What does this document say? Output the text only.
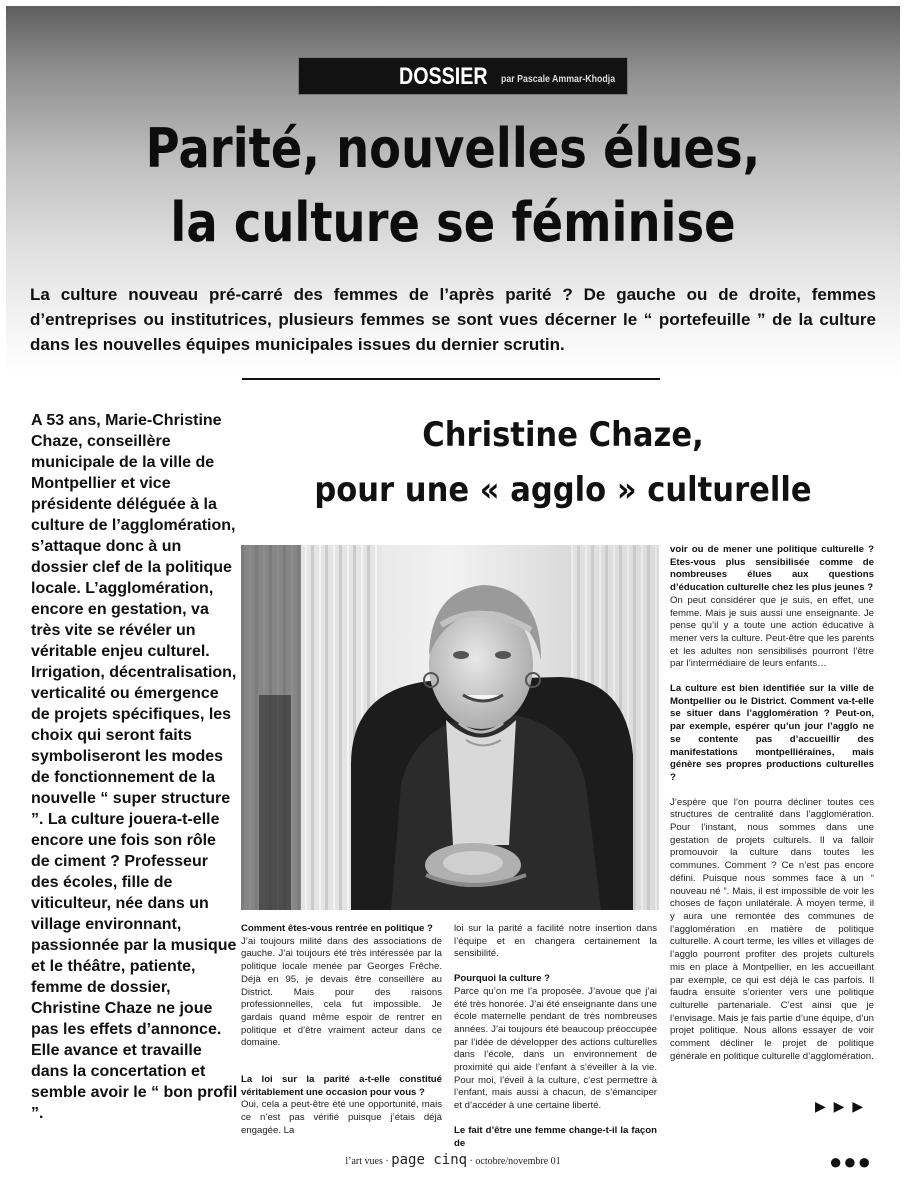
DOSSIER par Pascale Ammar-Khodja
Parité, nouvelles élues,
la culture se féminise
La culture nouveau pré-carré des femmes de l’après parité ? De gauche ou de droite, femmes d’entreprises ou institutrices, plusieurs femmes se sont vues décerner le “ portefeuille ” de la culture dans les nouvelles équipes municipales issues du dernier scrutin.
A 53 ans, Marie-Christine Chaze, conseillère municipale de la ville de Montpellier et vice présidente déléguée à la culture de l’agglomération, s’attaque donc à un dossier clef de la politique locale. L’agglomération, encore en gestation, va très vite se révéler un véritable enjeu culturel. Irrigation, décentralisation, verticalité ou émergence de projets spécifiques, les choix qui seront faits symboliseront les modes de fonctionnement de la nouvelle “ super structure ”. La culture jouera-t-elle encore une fois son rôle de ciment ? Professeur des écoles, fille de viticulteur, née dans un village environnant, passionnée par la musique et le théâtre, patiente, femme de dossier, Christine Chaze ne joue pas les effets d’annonce. Elle avance et travaille dans la concertation et semble avoir le “ bon profil ”.
Christine Chaze,
pour une « agglo » culturelle

Comment êtes-vous rentrée en politique ?

J’ai toujours milité dans des associations de gauche. J’ai toujours été très intéressée par la politique locale menée par Georges Frêche. Déjà en 95, je devais être conseillère au District. Mais pour des raisons professionnelles, cela fut impossible. Je gardais quand même espoir de rentrer en politique et d’être vraiment acteur dans ce domaine.

La loi sur la parité a-t-elle constitué véritablement une occasion pour vous ?

Oui, cela a peut-être été une opportunité, mais ce n’est pas vérifié puisque j’étais déjà engagée. La

loi sur la parité a facilité notre insertion dans l’équipe et en changera certainement la sensibilité.

Pourquoi la culture ?

Parce qu’on me l’a proposée. J’avoue que j’ai été très honorée. J’ai été enseignante dans une école maternelle pendant de très nombreuses années. J’ai toujours été beaucoup préoccupée par l’idée de développer des actions culturelles dans l’école, dans un environnement de proximité qui aide l’enfant à s’éveiller à la vie. Pour moi, l’éveil à la culture, c’est permettre à l’enfant, mais aussi à chacun, de s’émanciper et d’accéder à une certaine liberté.

Le fait d’être une femme change-t-il la façon de

voir ou de mener une politique culturelle ? Etes-vous plus sensibilisée comme de nombreuses élues aux questions d’éducation culturelle chez les plus jeunes ?

On peut considérer que je suis, en effet, une femme. Mais je suis aussi une enseignante. Je pense qu’il y a toute une action éducative à mener vers la culture. Peut-être que les parents et les adultes non sensibilisés pourront l’être par l’intermédiaire de leurs enfants…

La culture est bien identifiée sur la ville de Montpellier ou le District. Comment va-t-elle se situer dans l’agglomération ? Peut-on, par exemple, espérer qu’un jour l’agglo ne se contente pas d’accueillir des manifestations montpelliéraines, mais génère ses propres productions culturelles ?

J’espère que l’on pourra décliner toutes ces structures de centralité dans l’agglomération. Pour l’instant, nous sommes dans une gestation de projets culturels. Il va falloir promouvoir la culture dans toutes les communes. Comment ? Ce n’est pas encore défini. Puisque nous sommes face à un “ nouveau né ”. Mais, il est impossible de voir les choses de façon unilatérale. À moyen terme, il y aura une remontée des communes de l’agglomération en matière de politique culturelle. A court terme, les villes et villages de l’agglo pourront profiter des projets culturels mis en place à Montpellier, en les accueillant par exemple, ce qui est déjà le cas parfois. Il faudra ensuite s’orienter vers une politique culturelle partenariale. C’est ainsi que je l’envisage. Mais je fais partie d’une équipe, d’un projet politique. Nous allons essayer de voir comment décliner le projet de politique générale en politique culturelle d’agglomération.

▶ ▶ ▶
l’art vues · page cinq · octobre/novembre 01	●●●
